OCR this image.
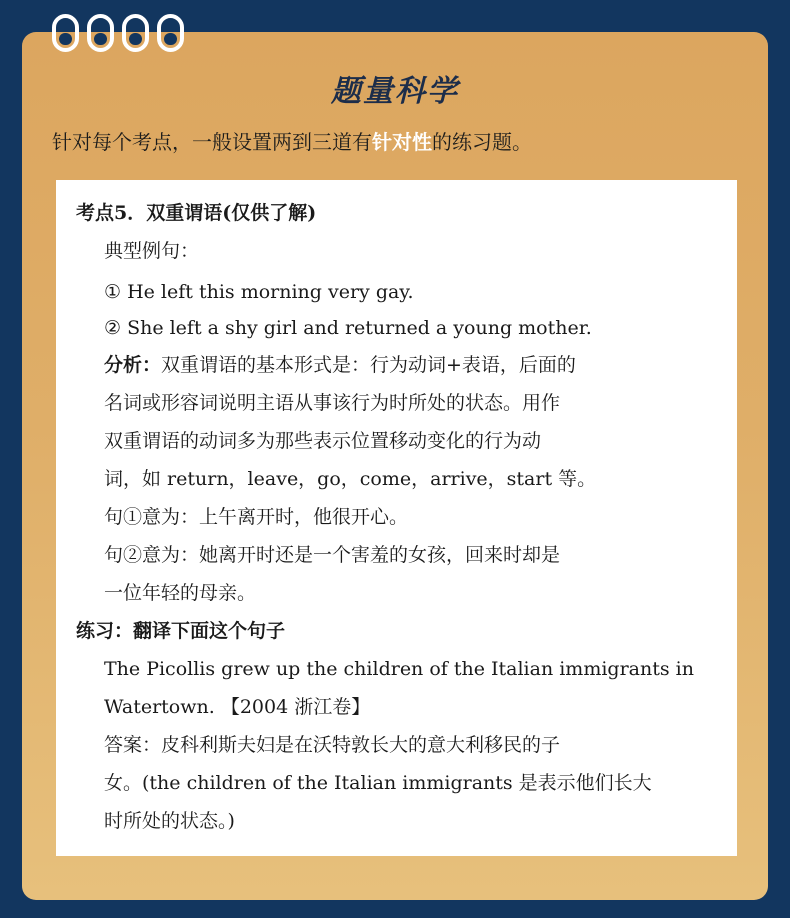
题量科学
针对每个考点，一般设置两到三道有针对性的练习题。
考点5．双重谓语(仅供了解)
典型例句：
① He left this morning very gay.
② She left a shy girl and returned a young mother.
分析：双重谓语的基本形式是：行为动词+表语，后面的
名词或形容词说明主语从事该行为时所处的状态。用作
双重谓语的动词多为那些表示位置移动变化的行为动
词，如 return，leave，go，come，arrive，start 等。
句①意为：上午离开时，他很开心。
句②意为：她离开时还是一个害羞的女孩，回来时却是
一位年轻的母亲。
练习：翻译下面这个句子
The Picollis grew up the children of the Italian immigrants in
Watertown. 【2004 浙江卷】
答案：皮科利斯夫妇是在沃特敦长大的意大利移民的子
女。(the children of the Italian immigrants 是表示他们长大
时所处的状态。)
